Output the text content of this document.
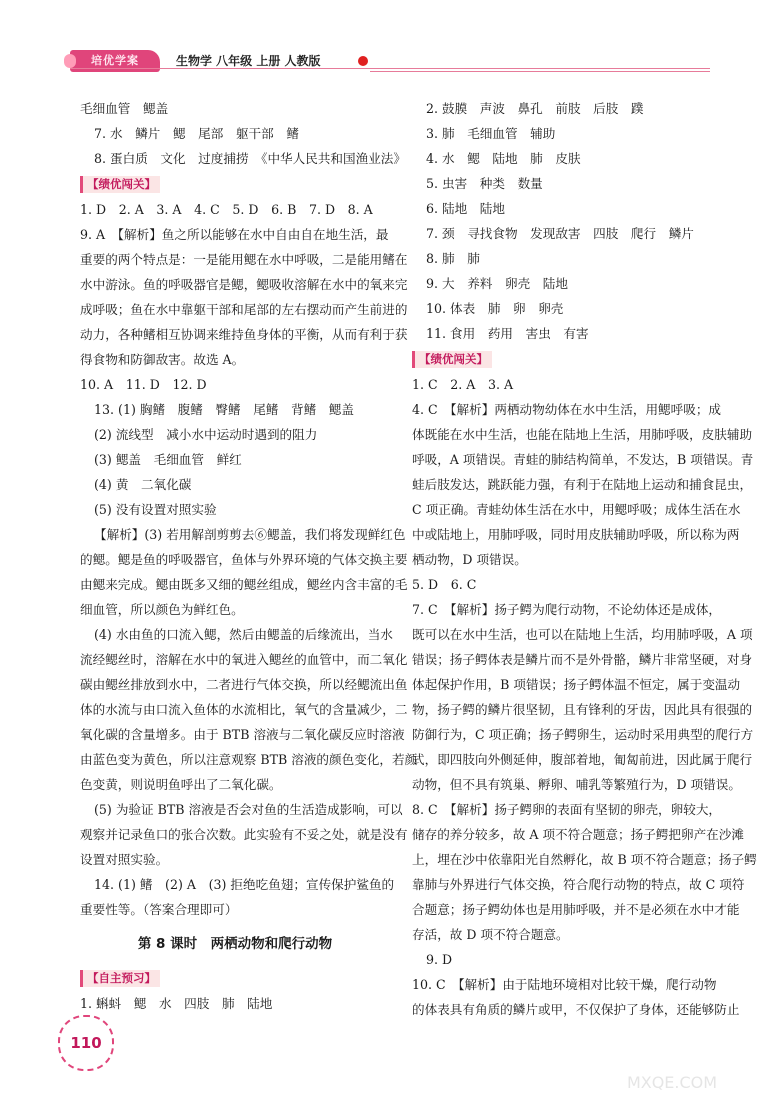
培优学案	生物学 八年级 上册 人教版
毛细血管　鳃盖
7. 水　鳞片　鳃　尾部　躯干部　鳍
8. 蛋白质　文化　过度捕捞　《中华人民共和国渔业法》
【绩优闯关】
1. D　2. A　3. A　4. C　5. D　6. B　7. D　8. A
9. A　【解析】鱼之所以能够在水中自由自在地生活，最
重要的两个特点是：一是能用鳃在水中呼吸，二是能用鳍在
水中游泳。鱼的呼吸器官是鳃，鳃吸收溶解在水中的氧来完
成呼吸；鱼在水中靠躯干部和尾部的左右摆动而产生前进的
动力，各种鳍相互协调来维持鱼身体的平衡，从而有利于获
得食物和防御敌害。故选 A。
10. A　11. D　12. D
13. (1) 胸鳍　腹鳍　臀鳍　尾鳍　背鳍　鳃盖
(2) 流线型　减小水中运动时遇到的阻力
(3) 鳃盖　毛细血管　鲜红
(4) 黄　二氧化碳
(5) 没有设置对照实验
【解析】(3) 若用解剖剪剪去⑥鳃盖，我们将发现鲜红色
的鳃。鳃是鱼的呼吸器官，鱼体与外界环境的气体交换主要
由鳃来完成。鳃由既多又细的鳃丝组成，鳃丝内含丰富的毛
细血管，所以颜色为鲜红色。
(4) 水由鱼的口流入鳃，然后由鳃盖的后缘流出，当水
流经鳃丝时，溶解在水中的氧进入鳃丝的血管中，而二氧化
碳由鳃丝排放到水中，二者进行气体交换，所以经鳃流出鱼
体的水流与由口流入鱼体的水流相比，氧气的含量减少，二
氧化碳的含量增多。由于 BTB 溶液与二氧化碳反应时溶液
由蓝色变为黄色，所以注意观察 BTB 溶液的颜色变化，若颜
色变黄，则说明鱼呼出了二氧化碳。
(5) 为验证 BTB 溶液是否会对鱼的生活造成影响，可以
观察并记录鱼口的张合次数。此实验有不妥之处，就是没有
设置对照实验。
14. (1) 鳍　(2) A　(3) 拒绝吃鱼翅；宣传保护鲨鱼的
重要性等。（答案合理即可）
第 8 课时　两栖动物和爬行动物
【自主预习】
1. 蝌蚪　鳃　水　四肢　肺　陆地
2. 鼓膜　声波　鼻孔　前肢　后肢　蹼
3. 肺　毛细血管　辅助
4. 水　鳃　陆地　肺　皮肤
5. 虫害　种类　数量
6. 陆地　陆地
7. 颈　寻找食物　发现敌害　四肢　爬行　鳞片
8. 肺　肺
9. 大　养料　卵壳　陆地
10. 体表　肺　卵　卵壳
11. 食用　药用　害虫　有害
【绩优闯关】
1. C　2. A　3. A
4. C　【解析】两栖动物幼体在水中生活，用鳃呼吸；成
体既能在水中生活，也能在陆地上生活，用肺呼吸，皮肤辅助
呼吸，A 项错误。青蛙的肺结构简单，不发达，B 项错误。青
蛙后肢发达，跳跃能力强，有利于在陆地上运动和捕食昆虫，
C 项正确。青蛙幼体生活在水中，用鳃呼吸；成体生活在水
中或陆地上，用肺呼吸，同时用皮肤辅助呼吸，所以称为两
栖动物，D 项错误。
5. D　6. C
7. C　【解析】扬子鳄为爬行动物，不论幼体还是成体，
既可以在水中生活，也可以在陆地上生活，均用肺呼吸，A 项
错误；扬子鳄体表是鳞片而不是外骨骼，鳞片非常坚硬，对身
体起保护作用，B 项错误；扬子鳄体温不恒定，属于变温动
物，扬子鳄的鳞片很坚韧，且有锋利的牙齿，因此具有很强的
防御行为，C 项正确；扬子鳄卵生，运动时采用典型的爬行方
式，即四肢向外侧延伸，腹部着地，匍匐前进，因此属于爬行
动物，但不具有筑巢、孵卵、哺乳等繁殖行为，D 项错误。
8. C　【解析】扬子鳄卵的表面有坚韧的卵壳，卵较大，
储存的养分较多，故 A 项不符合题意；扬子鳄把卵产在沙滩
上，埋在沙中依靠阳光自然孵化，故 B 项不符合题意；扬子鳄
靠肺与外界进行气体交换，符合爬行动物的特点，故 C 项符
合题意；扬子鳄幼体也是用肺呼吸，并不是必须在水中才能
存活，故 D 项不符合题意。
9. D
10. C　【解析】由于陆地环境相对比较干燥，爬行动物
的体表具有角质的鳞片或甲，不仅保护了身体，还能够防止
110
MXQE.COM
